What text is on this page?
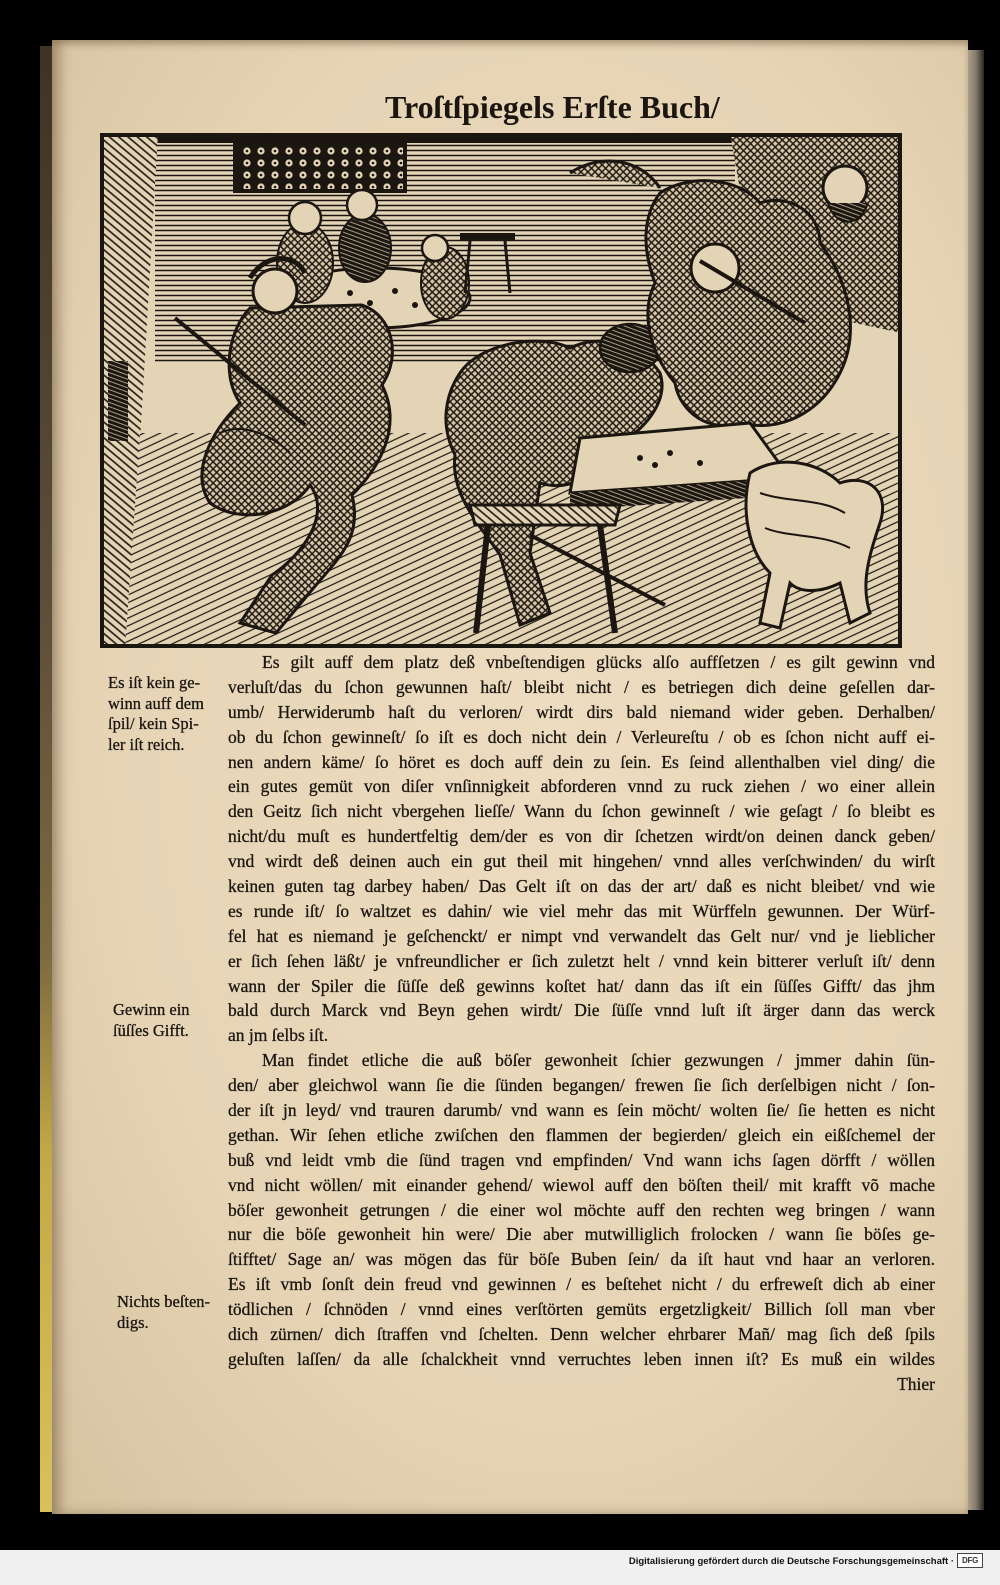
Troſtſpiegels Erſte Buch/
Es iſt kein ge-
winn auff dem
ſpil/ kein Spi-
ler iſt reich.
Gewinn ein
ſüſſes Gifft.
Nichts beſten-
digs.
Es gilt auff dem platz deß vnbeſtendigen glücks alſo auffſetzen / es gilt gewinn vnd
verluſt/das du ſchon gewunnen haſt/ bleibt nicht / es betriegen dich deine geſellen dar-
umb/ Herwiderumb haſt du verloren/ wirdt dirs bald niemand wider geben. Derhalben/
ob du ſchon gewinneſt/ ſo iſt es doch nicht dein / Verleureſtu / ob es ſchon nicht auff ei-
nen andern käme/ ſo höret es doch auff dein zu ſein. Es ſeind allenthalben viel ding/ die
ein gutes gemüt von diſer vnſinnigkeit abforderen vnnd zu ruck ziehen / wo einer allein
den Geitz ſich nicht vbergehen lieſſe/ Wann du ſchon gewinneſt / wie geſagt / ſo bleibt es
nicht/du muſt es hundertfeltig dem/der es von dir ſchetzen wirdt/on deinen danck geben/
vnd wirdt deß deinen auch ein gut theil mit hingehen/ vnnd alles verſchwinden/ du wirſt
keinen guten tag darbey haben/ Das Gelt iſt on das der art/ daß es nicht bleibet/ vnd wie
es runde iſt/ ſo waltzet es dahin/ wie viel mehr das mit Würffeln gewunnen. Der Würf-
fel hat es niemand je geſchenckt/ er nimpt vnd verwandelt das Gelt nur/ vnd je lieblicher
er ſich ſehen läßt/ je vnfreundlicher er ſich zuletzt helt / vnnd kein bitterer verluſt iſt/ denn
wann der Spiler die ſüſſe deß gewinns koſtet hat/ dann das iſt ein ſüſſes Gifft/ das jhm
bald durch Marck vnd Beyn gehen wirdt/ Die ſüſſe vnnd luſt iſt ärger dann das werck
an jm ſelbs iſt.
Man findet etliche die auß böſer gewonheit ſchier gezwungen / jmmer dahin ſün-
den/ aber gleichwol wann ſie die ſünden begangen/ frewen ſie ſich derſelbigen nicht / ſon-
der iſt jn leyd/ vnd trauren darumb/ vnd wann es ſein möcht/ wolten ſie/ ſie hetten es nicht
gethan. Wir ſehen etliche zwiſchen den flammen der begierden/ gleich ein eißſchemel der
buß vnd leidt vmb die ſünd tragen vnd empfinden/ Vnd wann ichs ſagen dörfft / wöllen
vnd nicht wöllen/ mit einander gehend/ wiewol auff den böſten theil/ mit krafft võ mache
böſer gewonheit getrungen / die einer wol möchte auff den rechten weg bringen / wann
nur die böſe gewonheit hin were/ Die aber mutwilliglich frolocken / wann ſie böſes ge-
ſtifftet/ Sage an/ was mögen das für böſe Buben ſein/ da iſt haut vnd haar an verloren.
Es iſt vmb ſonſt dein freud vnd gewinnen / es beſtehet nicht / du erfreweſt dich ab einer
tödlichen / ſchnöden / vnnd eines verſtörten gemüts ergetzligkeit/ Billich ſoll man vber
dich zürnen/ dich ſtraffen vnd ſchelten. Denn welcher ehrbarer Mañ/ mag ſich deß ſpils
geluſten laſſen/ da alle ſchalckheit vnnd verruchtes leben innen iſt? Es muß ein wildes
Thier
Digitalisierung gefördert durch die Deutsche Forschungsgemeinschaft ·	DFG
